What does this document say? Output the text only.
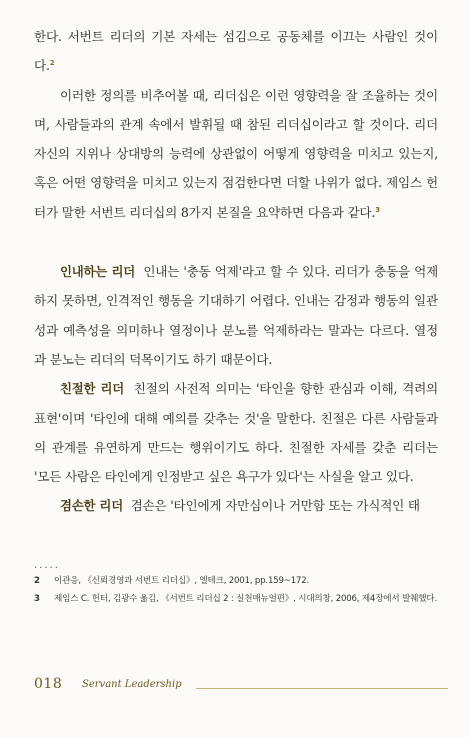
한다. 서번트 리더의 기본 자세는 섬김으로 공동체를 이끄는 사람인 것이다.$^2$

이러한 정의를 비추어볼 때, 리더십은 이런 영향력을 잘 조율하는 것이며, 사람들과의 관계 속에서 발휘될 때 참된 리더십이라고 할 것이다. 리더 자신의 지위나 상대방의 능력에 상관없이 어떻게 영향력을 미치고 있는지, 혹은 어떤 영향력을 미치고 있는지 점검한다면 더할 나위가 없다. 제임스 헌터가 말한 서번트 리더십의 8가지 본질을 요약하면 다음과 같다.$^3$

인내하는 리더 인내는 '충동 억제'라고 할 수 있다. 리더가 충동을 억제하지 못하면, 인격적인 행동을 기대하기 어렵다. 인내는 감정과 행동의 일관성과 예측성을 의미하나 열정이나 분노를 억제하라는 말과는 다르다. 열정과 분노는 리더의 덕목이기도 하기 때문이다.

친절한 리더 친절의 사전적 의미는 '타인을 향한 관심과 이해, 격려의 표현'이며 '타인에 대해 예의를 갖추는 것'을 말한다. 친절은 다른 사람들과의 관계를 유연하게 만드는 행위이기도 하다. 친절한 자세를 갖춘 리더는 '모든 사람은 타인에게 인정받고 싶은 욕구가 있다'는 사실을 알고 있다.

겸손한 리더 겸손은 '타인에게 자만심이나 거만함 또는 가식적인 태

.....
2	이관응, 《신뢰경영과 서번트 리더십》, 엘테크, 2001, pp.159~172.
3	제임스 C. 헌터, 김광수 옮김, 《서번트 리더십 2 : 실천매뉴얼편》, 시대의창, 2006, 제4장에서 발췌했다.
018 Servant Leadership
